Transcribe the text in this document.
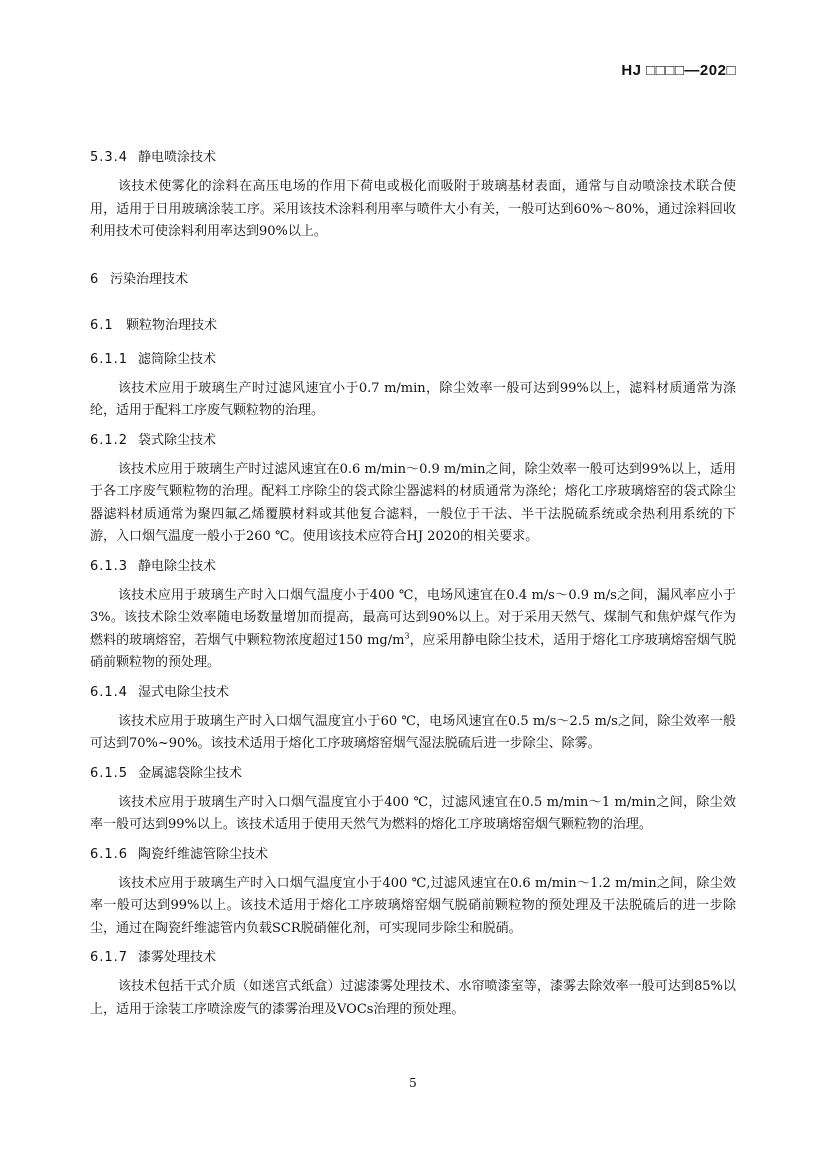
HJ □□□□—202□
5.3.4 静电喷涂技术

该技术使雾化的涂料在高压电场的作用下荷电或极化而吸附于玻璃基材表面，通常与自动喷涂技术联合使用，适用于日用玻璃涂装工序。采用该技术涂料利用率与喷件大小有关，一般可达到60%～80%，通过涂料回收利用技术可使涂料利用率达到90%以上。

6 污染治理技术
6.1 颗粒物治理技术
6.1.1 滤筒除尘技术

该技术应用于玻璃生产时过滤风速宜小于0.7 m/min，除尘效率一般可达到99%以上，滤料材质通常为涤纶，适用于配料工序废气颗粒物的治理。

6.1.2 袋式除尘技术

该技术应用于玻璃生产时过滤风速宜在0.6 m/min～0.9 m/min之间，除尘效率一般可达到99%以上，适用于各工序废气颗粒物的治理。配料工序除尘的袋式除尘器滤料的材质通常为涤纶；熔化工序玻璃熔窑的袋式除尘器滤料材质通常为聚四氟乙烯覆膜材料或其他复合滤料，一般位于干法、半干法脱硫系统或余热利用系统的下游，入口烟气温度一般小于260 ℃。使用该技术应符合HJ 2020的相关要求。

6.1.3 静电除尘技术

该技术应用于玻璃生产时入口烟气温度小于400 ℃，电场风速宜在0.4 m/s～0.9 m/s之间，漏风率应小于3%。该技术除尘效率随电场数量增加而提高，最高可达到90%以上。对于采用天然气、煤制气和焦炉煤气作为燃料的玻璃熔窑，若烟气中颗粒物浓度超过150 $mg/m^3$，应采用静电除尘技术，适用于熔化工序玻璃熔窑烟气脱硝前颗粒物的预处理。

6.1.4 湿式电除尘技术

该技术应用于玻璃生产时入口烟气温度宜小于60 ℃，电场风速宜在0.5 m/s～2.5 m/s之间，除尘效率一般可达到70%~90%。该技术适用于熔化工序玻璃熔窑烟气湿法脱硫后进一步除尘、除雾。

6.1.5 金属滤袋除尘技术

该技术应用于玻璃生产时入口烟气温度宜小于400 ℃，过滤风速宜在0.5 m/min～1 m/min之间，除尘效率一般可达到99%以上。该技术适用于使用天然气为燃料的熔化工序玻璃熔窑烟气颗粒物的治理。

6.1.6 陶瓷纤维滤管除尘技术

该技术应用于玻璃生产时入口烟气温度宜小于400 ℃,过滤风速宜在0.6 m/min～1.2 m/min之间，除尘效率一般可达到99%以上。该技术适用于熔化工序玻璃熔窑烟气脱硝前颗粒物的预处理及干法脱硫后的进一步除尘，通过在陶瓷纤维滤管内负载SCR脱硝催化剂，可实现同步除尘和脱硝。

6.1.7 漆雾处理技术

该技术包括干式介质（如迷宫式纸盒）过滤漆雾处理技术、水帘喷漆室等，漆雾去除效率一般可达到85%以上，适用于涂装工序喷涂废气的漆雾治理及VOCs治理的预处理。

5
